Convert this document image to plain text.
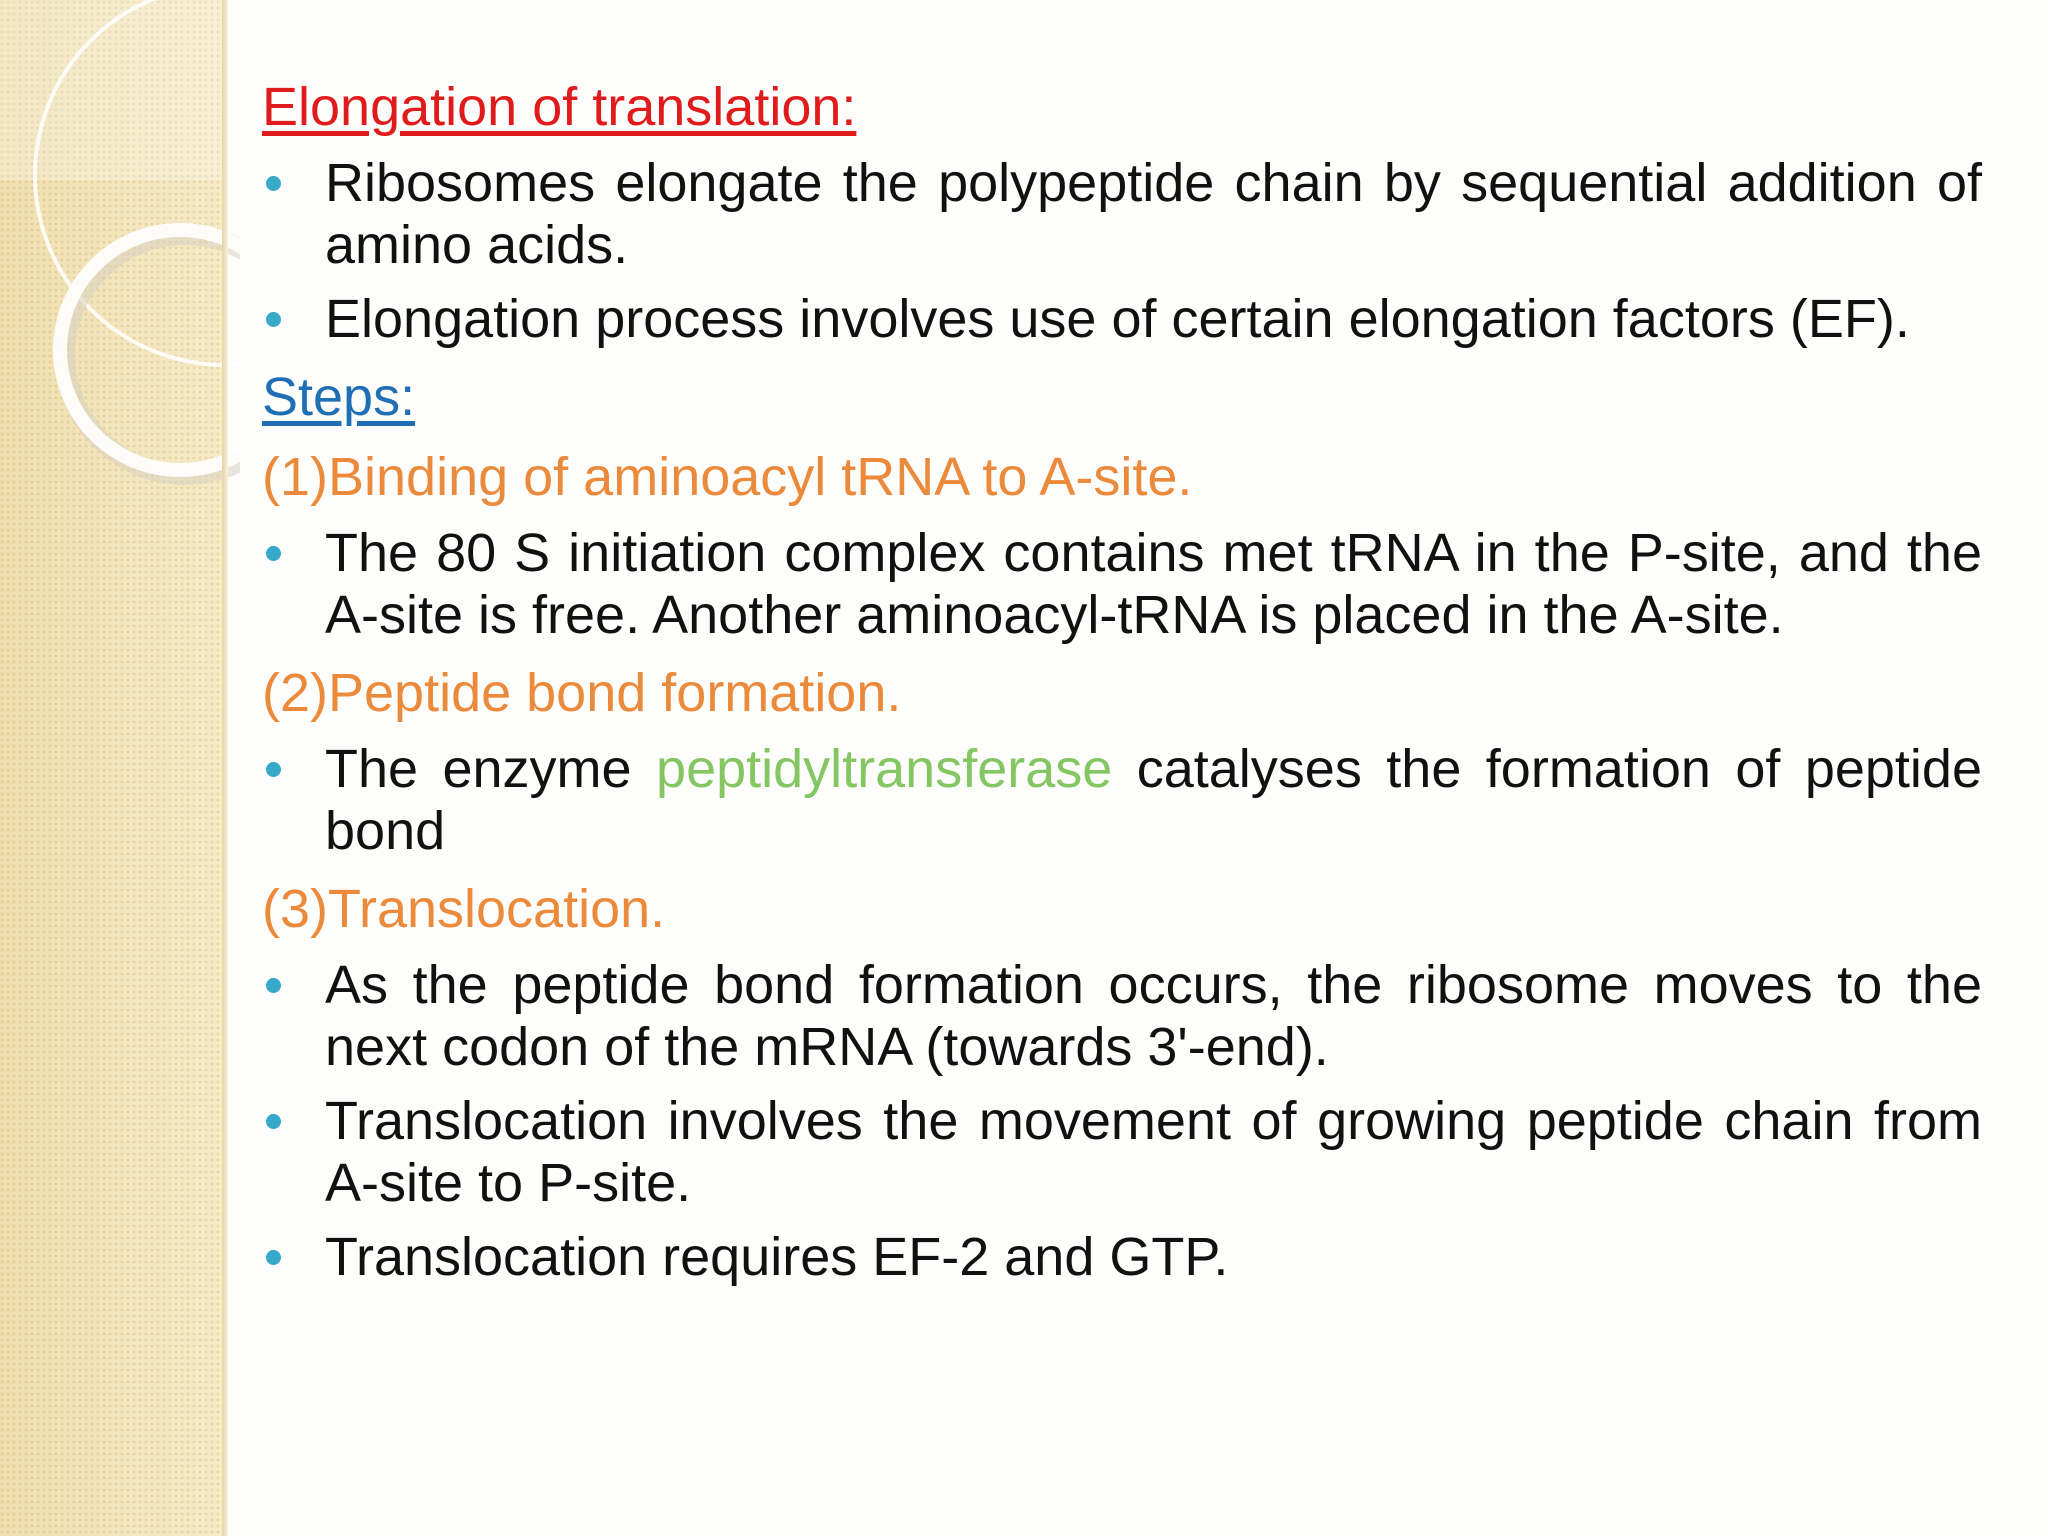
Elongation of translation:
Ribosomes elongate the polypeptide chain by sequential addition of amino acids.
Elongation process involves use of certain elongation factors (EF).
Steps:
(1)Binding of aminoacyl tRNA to A-site.
The 80 S initiation complex contains met tRNA in the P-site, and the A-site is free. Another aminoacyl-tRNA is placed in the A-site.
(2)Peptide bond formation.
The enzyme peptidyltransferase catalyses the formation of peptide bond
(3)Translocation.
As the peptide bond formation occurs, the ribosome moves to the next codon of the mRNA (towards 3'-end).
Translocation involves the movement of growing peptide chain from A-site to P-site.
Translocation requires EF-2 and GTP.
